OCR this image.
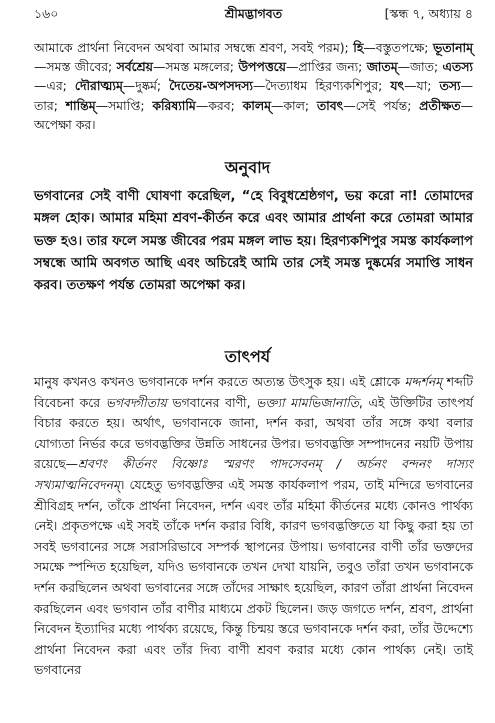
১৬০	শ্রীমদ্ভাগবত	[স্কন্ধ ৭, অধ্যায় ৪
আমাকে প্রার্থনা নিবেদন অথবা আমার সম্বন্ধে শ্রবণ, সবই পরম); হি—বস্তুতপক্ষে; ভূতানাম্—সমস্ত জীবের; সর্বশ্রেয়—সমস্ত মঙ্গলের; উপপত্তয়ে—প্রাপ্তির জন্য; জাতম্—জাত; এতস্য—এর; দৌরাত্ম্যম্—দুষ্কর্ম; দৈতেয়-অপসদস্য—দৈত্যাধম হিরণ্যকশিপুর; যৎ—যা; তস্য—তার; শান্তিম্—সমাপ্তি; করিষ্যামি—করব; কালম্—কাল; তাবৎ—সেই পর্যন্ত; প্রতীক্ষত—অপেক্ষা কর।
অনুবাদ
ভগবানের সেই বাণী ঘোষণা করেছিল, “হে বিবুধশ্রেষ্ঠগণ, ভয় করো না! তোমাদের মঙ্গল হোক। আমার মহিমা শ্রবণ-কীর্তন করে এবং আমার প্রার্থনা করে তোমরা আমার ভক্ত হও। তার ফলে সমস্ত জীবের পরম মঙ্গল লাভ হয়। হিরণ্যকশিপুর সমস্ত কার্যকলাপ সম্বন্ধে আমি অবগত আছি এবং অচিরেই আমি তার সেই সমস্ত দুষ্কর্মের সমাপ্তি সাধন করব। ততক্ষণ পর্যন্ত তোমরা অপেক্ষা কর।
তাৎপর্য
মানুষ কখনও কখনও ভগবানকে দর্শন করতে অত্যন্ত উৎসুক হয়। এই শ্লোকে মদ্দর্শনম্ শব্দটি বিবেচনা করে ভগবদ্গীতায় ভগবানের বাণী, ভক্ত্যা মামভিজানাতি, এই উক্তিটির তাৎপর্য বিচার করতে হয়। অর্থাৎ, ভগবানকে জানা, দর্শন করা, অথবা তাঁর সঙ্গে কথা বলার যোগ্যতা নির্ভর করে ভগবদ্ভক্তির উন্নতি সাধনের উপর। ভগবদ্ভক্তি সম্পাদনের নয়টি উপায় রয়েছে—শ্রবণং কীর্তনং বিষ্ণোঃ স্মরণং পাদসেবনম্ / অর্চনং বন্দনং দাস্যং সখ্যমাত্মনিবেদনম্। যেহেতু ভগবদ্ভক্তির এই সমস্ত কার্যকলাপ পরম, তাই মন্দিরে ভগবানের শ্রীবিগ্রহ দর্শন, তাঁকে প্রার্থনা নিবেদন, দর্শন এবং তাঁর মহিমা কীর্তনের মধ্যে কোনও পার্থক্য নেই। প্রকৃতপক্ষে এই সবই তাঁকে দর্শন করার বিধি, কারণ ভগবদ্ভক্তিতে যা কিছু করা হয় তা সবই ভগবানের সঙ্গে সরাসরিভাবে সম্পর্ক স্থাপনের উপায়। ভগবানের বাণী তাঁর ভক্তদের সমক্ষে স্পন্দিত হয়েছিল, যদিও ভগবানকে তখন দেখা যায়নি, তবুও তাঁরা তখন ভগবানকে দর্শন করছিলেন অথবা ভগবানের সঙ্গে তাঁদের সাক্ষাৎ হয়েছিল, কারণ তাঁরা প্রার্থনা নিবেদন করছিলেন এবং ভগবান তাঁর বাণীর মাধ্যমে প্রকট ছিলেন। জড় জগতে দর্শন, শ্রবণ, প্রার্থনা নিবেদন ইত্যাদির মধ্যে পার্থক্য রয়েছে, কিন্তু চিন্ময় স্তরে ভগবানকে দর্শন করা, তাঁর উদ্দেশ্যে প্রার্থনা নিবেদন করা এবং তাঁর দিব্য বাণী শ্রবণ করার মধ্যে কোন পার্থক্য নেই। তাই ভগবানের
